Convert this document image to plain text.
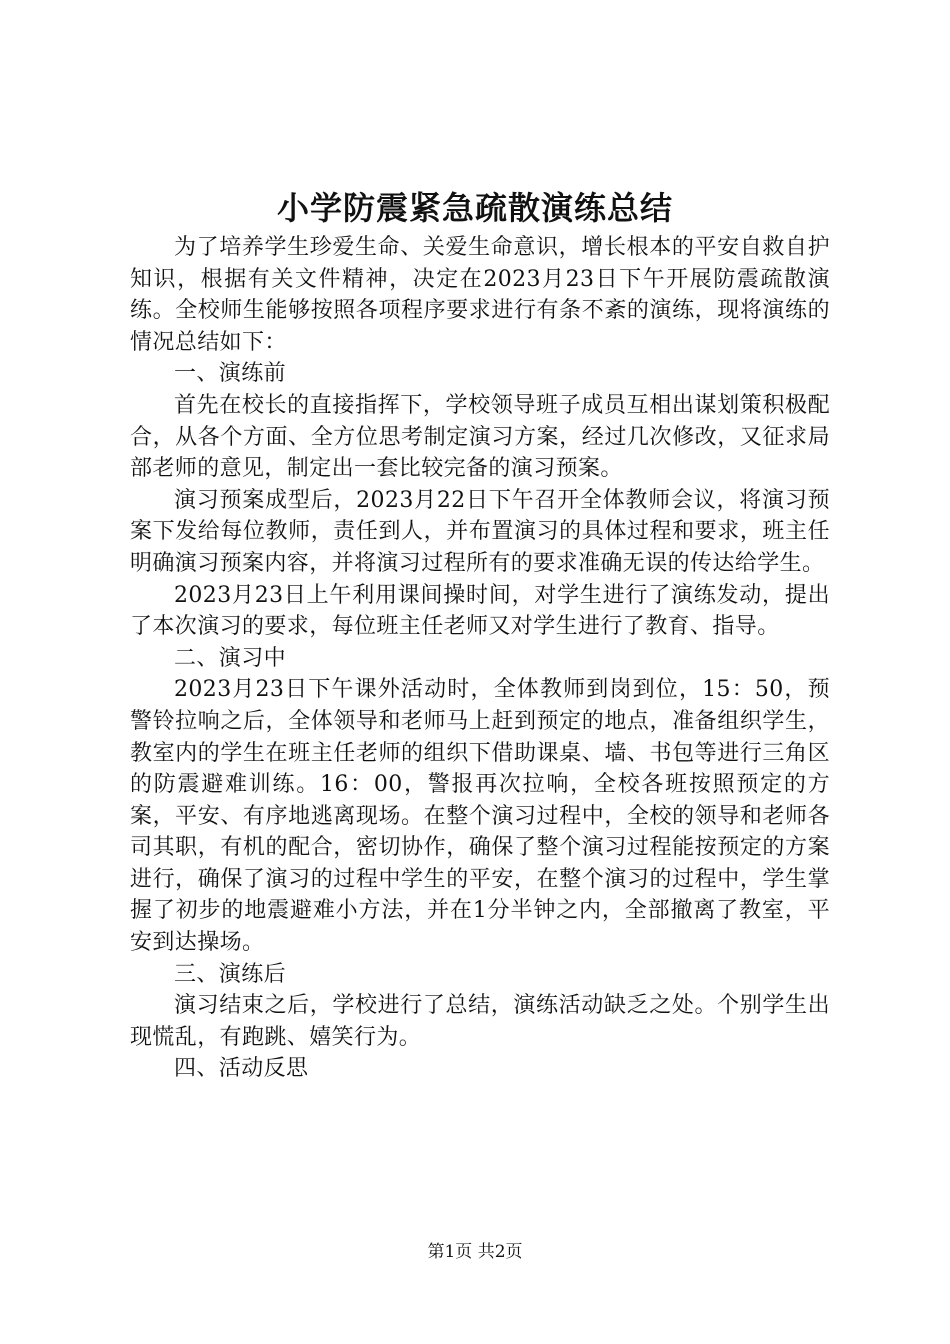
小学防震紧急疏散演练总结

为了培养学生珍爱生命、关爱生命意识，增长根本的平安自救自护知识，根据有关文件精神，决定在2023月23日下午开展防震疏散演练。全校师生能够按照各项程序要求进行有条不紊的演练，现将演练的情况总结如下：

一、演练前

首先在校长的直接指挥下，学校领导班子成员互相出谋划策积极配合，从各个方面、全方位思考制定演习方案，经过几次修改，又征求局部老师的意见，制定出一套比较完备的演习预案。

演习预案成型后，2023月22日下午召开全体教师会议，将演习预案下发给每位教师，责任到人，并布置演习的具体过程和要求，班主任明确演习预案内容，并将演习过程所有的要求准确无误的传达给学生。

2023月23日上午利用课间操时间，对学生进行了演练发动，提出了本次演习的要求，每位班主任老师又对学生进行了教育、指导。

二、演习中

2023月23日下午课外活动时，全体教师到岗到位，15：50，预警铃拉响之后，全体领导和老师马上赶到预定的地点，准备组织学生，教室内的学生在班主任老师的组织下借助课桌、墙、书包等进行三角区的防震避难训练。16：00，警报再次拉响，全校各班按照预定的方案，平安、有序地逃离现场。在整个演习过程中，全校的领导和老师各司其职，有机的配合，密切协作，确保了整个演习过程能按预定的方案进行，确保了演习的过程中学生的平安，在整个演习的过程中，学生掌握了初步的地震避难小方法，并在1分半钟之内，全部撤离了教室，平安到达操场。

三、演练后

演习结束之后，学校进行了总结，演练活动缺乏之处。个别学生出现慌乱，有跑跳、嬉笑行为。

四、活动反思

第1页 共2页
